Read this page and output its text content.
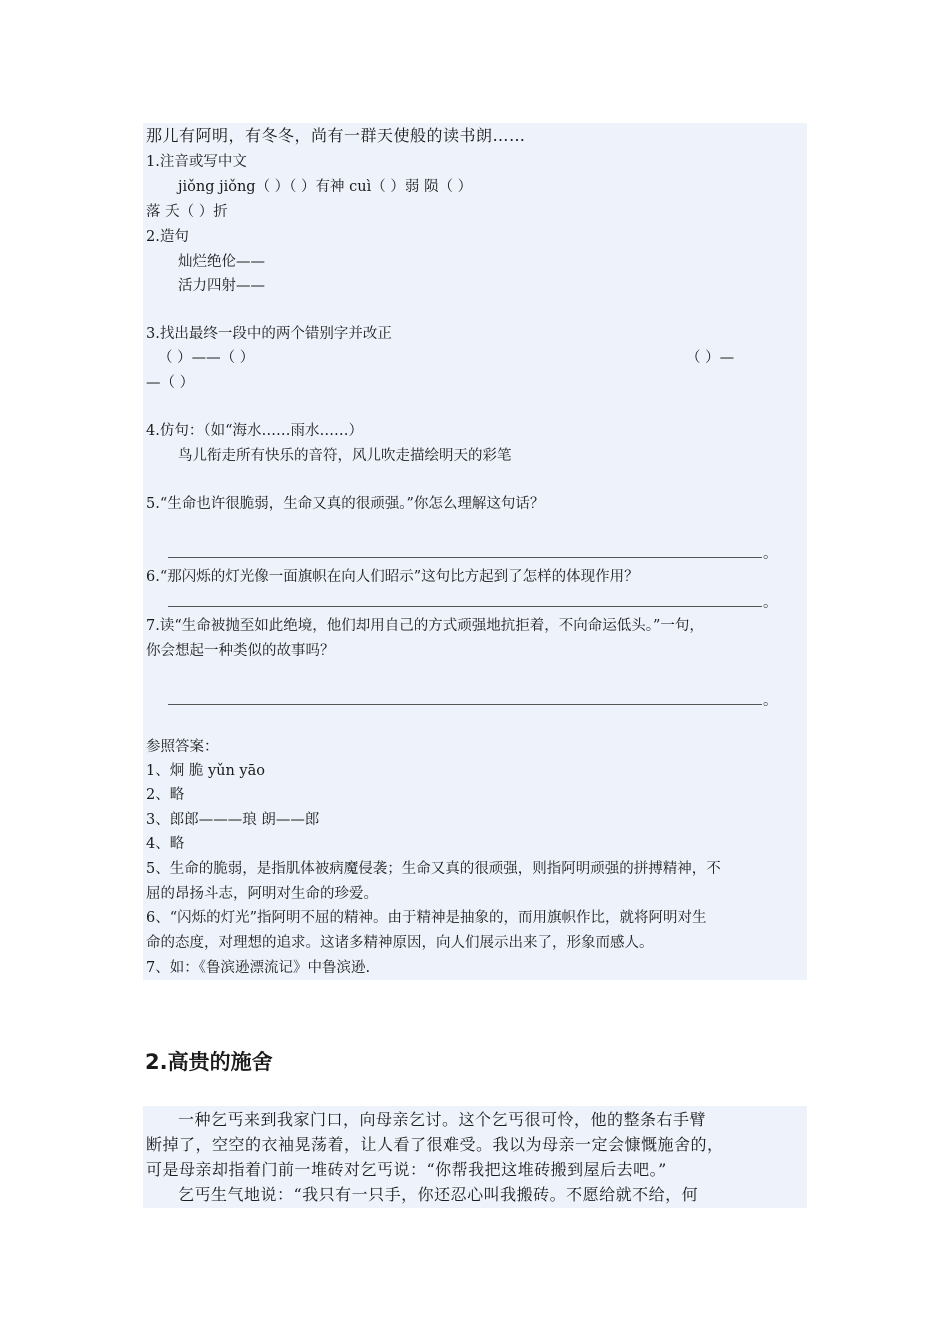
那儿有阿明，有冬冬，尚有一群天使般的读书朗……
1.注音或写中文
jiǒng jiǒng（ ）（ ）有神 cuì（ ）弱 陨（ ）
落 夭（ ）折
2.造句
灿烂绝伦——
活力四射——
3.找出最终一段中的两个错别字并改正
（ ）——（ ）	（ ）—
—（ ）
4.仿句：（如“海水……雨水……）
鸟儿衔走所有快乐的音符，风儿吹走描绘明天的彩笔
5.“生命也许很脆弱，生命又真的很顽强。”你怎么理解这句话？
。
6.“那闪烁的灯光像一面旗帜在向人们昭示”这句比方起到了怎样的体现作用？
。
7.读“生命被抛至如此绝境，他们却用自己的方式顽强地抗拒着，不向命运低头。”一句，
你会想起一种类似的故事吗？
。
参照答案：
1、炯 脆 yǔn yāo
2、略
3、郎郎———琅 朗——郎
4、略
5、生命的脆弱，是指肌体被病魔侵袭；生命又真的很顽强，则指阿明顽强的拼搏精神，不
屈的昂扬斗志，阿明对生命的珍爱。
6、“闪烁的灯光”指阿明不屈的精神。由于精神是抽象的，而用旗帜作比，就将阿明对生
命的态度，对理想的追求。这诸多精神原因，向人们展示出来了，形象而感人。
7、如：《鲁滨逊漂流记》中鲁滨逊.
2.高贵的施舍
一种乞丐来到我家门口，向母亲乞讨。这个乞丐很可怜，他的整条右手臂
断掉了，空空的衣袖晃荡着，让人看了很难受。我以为母亲一定会慷慨施舍的，
可是母亲却指着门前一堆砖对乞丐说：“你帮我把这堆砖搬到屋后去吧。”
乞丐生气地说：“我只有一只手，你还忍心叫我搬砖。不愿给就不给，何
